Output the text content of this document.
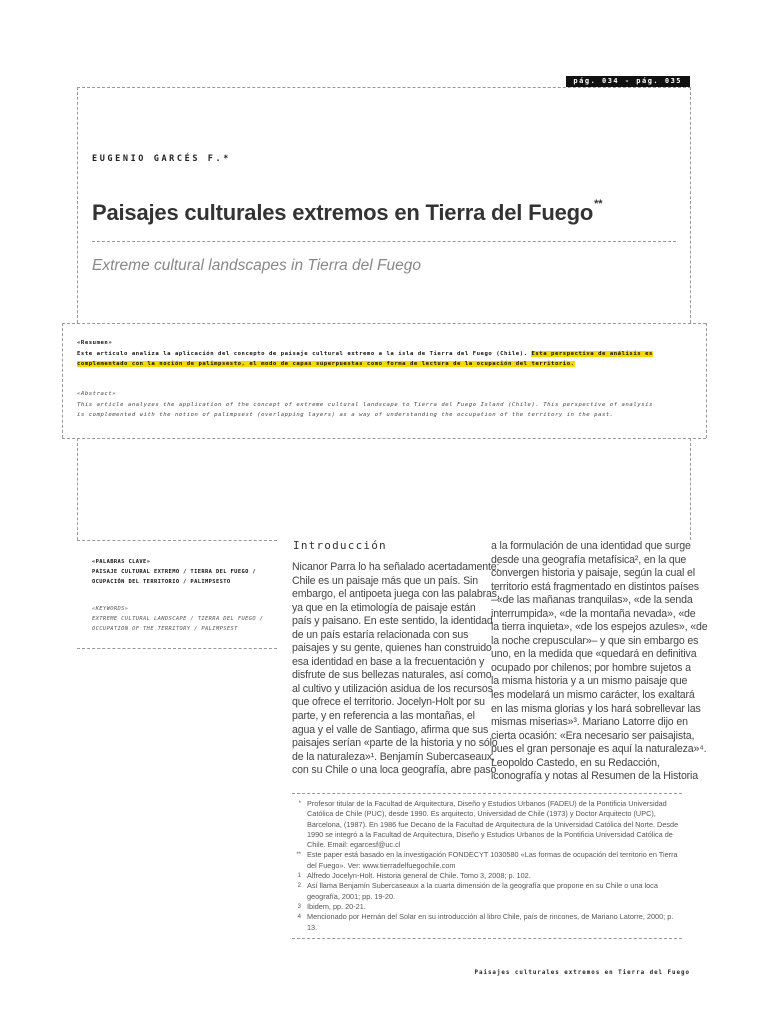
pág. 034 - pág. 035
EUGENIO GARCÉS F.*
Paisajes culturales extremos en Tierra del Fuego**
Extreme cultural landscapes in Tierra del Fuego
«Resumen»
Este artículo analiza la aplicación del concepto de paisaje cultural extremo a la isla de Tierra del Fuego (Chile). Esta perspectiva de análisis es
complementado con la noción de palimpsesto, el modo de capas superpuestas como forma de lectura de la ocupación del territorio.
«Abstract»
This article analyzes the application of the concept of extreme cultural landscape to Tierra del Fuego Island (Chile). This perspective of analysis
is complemented with the notion of palimpsest (overlapping layers) as a way of understanding the occupation of the territory in the past.
«PALABRAS CLAVE»
PAISAJE CULTURAL EXTREMO / TIERRA DEL FUEGO /
OCUPACIÓN DEL TERRITORIO / PALIMPSESTO
«KEYWORDS»
EXTREME CULTURAL LANDSCAPE / TIERRA DEL FUEGO /
OCCUPATION OF THE TERRITORY / PALIMPSEST
Introducción
Nicanor Parra lo ha señalado acertadamente:
Chile es un paisaje más que un país. Sin
embargo, el antipoeta juega con las palabras,
ya que en la etimología de paisaje están
país y paisano. En este sentido, la identidad
de un país estaría relacionada con sus
paisajes y su gente, quienes han construido
esa identidad en base a la frecuentación y
disfrute de sus bellezas naturales, así como
al cultivo y utilización asidua de los recursos
que ofrece el territorio. Jocelyn-Holt por su
parte, y en referencia a las montañas, el
agua y el valle de Santiago, afirma que sus
paisajes serían «parte de la historia y no sólo
de la naturaleza»¹. Benjamín Subercaseaux,
con su Chile o una loca geografía, abre paso
a la formulación de una identidad que surge
desde una geografía metafísica², en la que
convergen historia y paisaje, según la cual el
territorio está fragmentado en distintos países
–«de las mañanas tranquilas», «de la senda
interrumpida», «de la montaña nevada», «de
la tierra inquieta», «de los espejos azules», «de
la noche crepuscular»– y que sin embargo es
uno, en la medida que «quedará en definitiva
ocupado por chilenos; por hombre sujetos a
la misma historia y a un mismo paisaje que
les modelará un mismo carácter, los exaltará
en las misma glorias y los hará sobrellevar las
mismas miserias»³. Mariano Latorre dijo en
cierta ocasión: «Era necesario ser paisajista,
pues el gran personaje es aquí la naturaleza»⁴.
Leopoldo Castedo, en su Redacción,
iconografía y notas al Resumen de la Historia
* Profesor titular de la Facultad de Arquitectura, Diseño y Estudios Urbanos (FADEU) de la Pontificia Universidad Católica de Chile (PUC), desde 1990. Es arquitecto, Universidad de Chile (1973) y Doctor Arquitecto (UPC), Barcelona, (1987). En 1986 fue Decano de la Facultad de Arquitectura de la Universidad Católica del Norte. Desde 1990 se integró a la Facultad de Arquitectura, Diseño y Estudios Urbanos de la Pontificia Universidad Católica de Chile. Email: egarcesf@uc.cl
** Este paper está basado en la investigación FONDECYT 1030580 «Las formas de ocupación del territorio en Tierra del Fuego». Ver: www.tierradelfuegochile.com
1 Alfredo Jocelyn-Holt. Historia general de Chile. Tomo 3, 2008; p. 102.
2 Así llama Benjamín Subercaseaux a la cuarta dimensión de la geografía que propone en su Chile o una loca geografía, 2001; pp. 19-20.
3 Ibidem, pp. 20-21.
4 Mencionado por Hernán del Solar en su introducción al libro Chile, país de rincones, de Mariano Latorre, 2000; p. 13.
Paisajes culturales extremos en Tierra del Fuego
